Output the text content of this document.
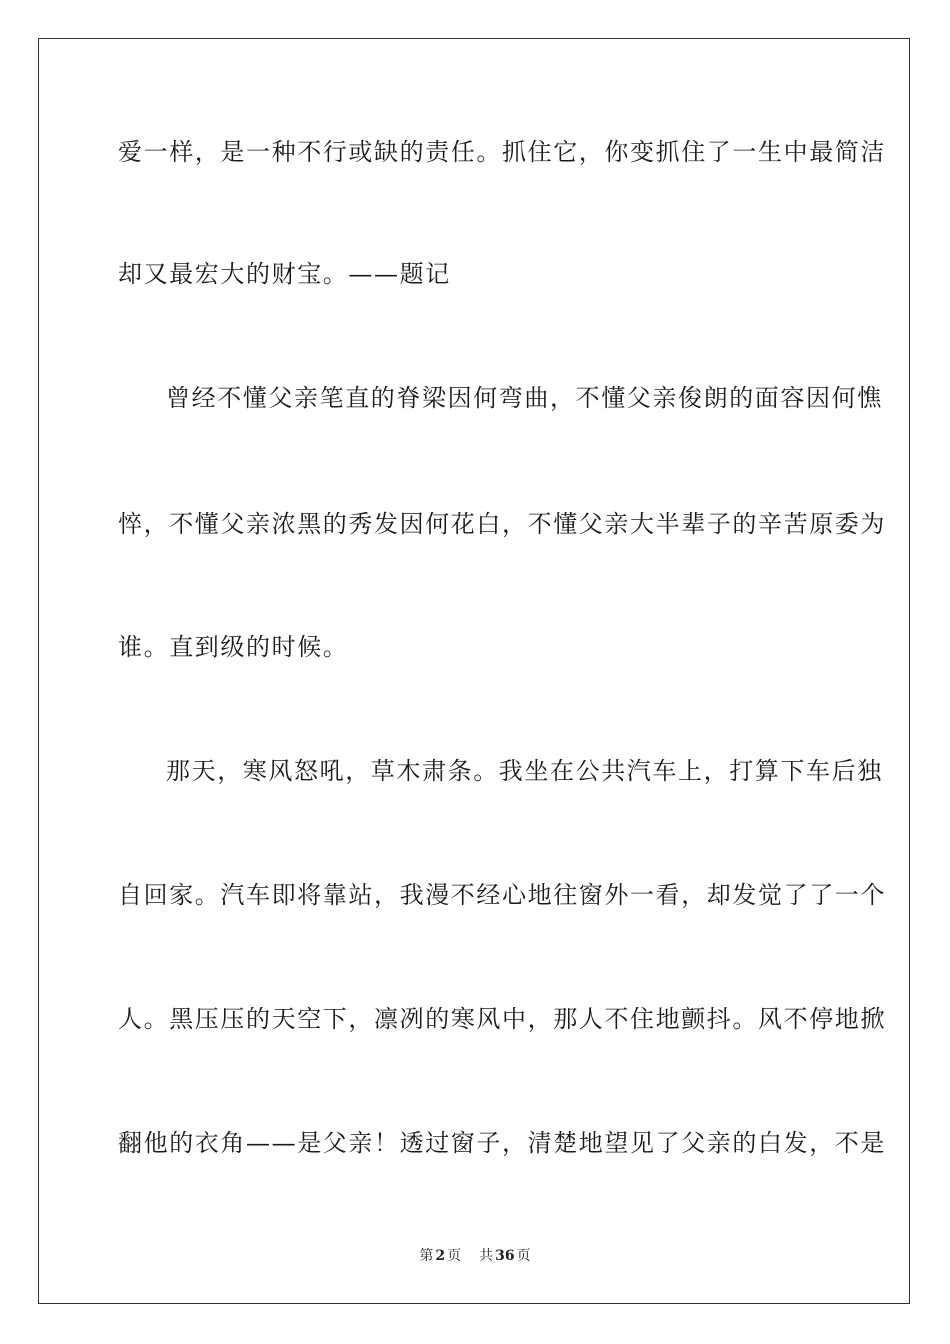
爱一样，是一种不行或缺的责任。抓住它，你变抓住了一生中最简洁
却又最宏大的财宝。——题记
曾经不懂父亲笔直的脊梁因何弯曲，不懂父亲俊朗的面容因何憔
悴，不懂父亲浓黑的秀发因何花白，不懂父亲大半辈子的辛苦原委为
谁。直到级的时候。
那天，寒风怒吼，草木肃条。我坐在公共汽车上，打算下车后独
自回家。汽车即将靠站，我漫不经心地往窗外一看，却发觉了了一个
人。黑压压的天空下，凛冽的寒风中，那人不住地颤抖。风不停地掀
翻他的衣角——是父亲！透过窗子，清楚地望见了父亲的白发，不是
第 2 页 共 36 页
